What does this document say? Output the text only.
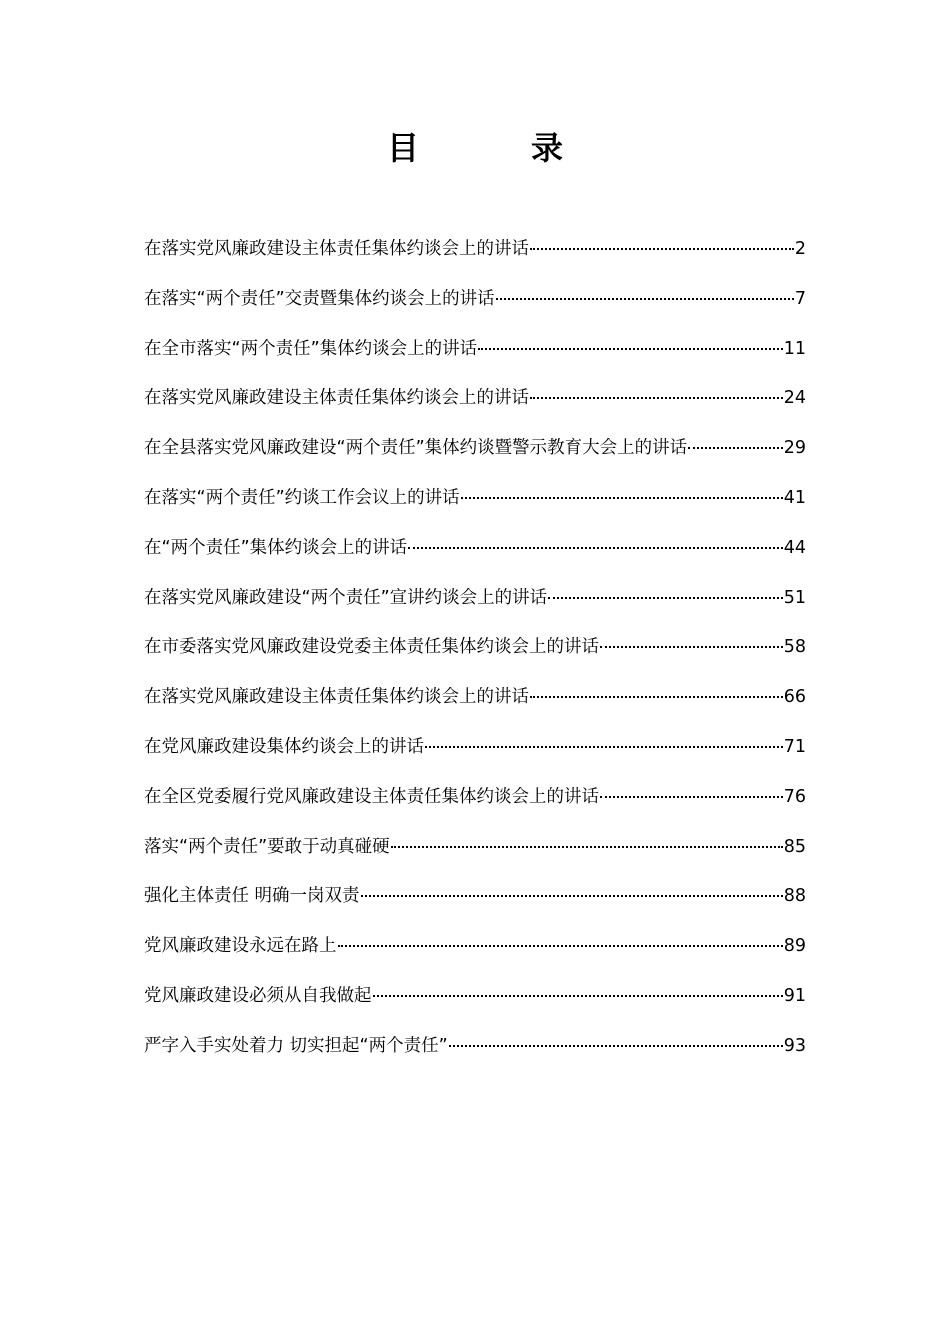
目　录
在落实党风廉政建设主体责任集体约谈会上的讲话	2
在落实“两个责任”交责暨集体约谈会上的讲话	7
在全市落实“两个责任”集体约谈会上的讲话	11
在落实党风廉政建设主体责任集体约谈会上的讲话	24
在全县落实党风廉政建设“两个责任”集体约谈暨警示教育大会上的讲话	29
在落实“两个责任”约谈工作会议上的讲话	41
在“两个责任”集体约谈会上的讲话	44
在落实党风廉政建设“两个责任”宣讲约谈会上的讲话	51
在市委落实党风廉政建设党委主体责任集体约谈会上的讲话	58
在落实党风廉政建设主体责任集体约谈会上的讲话	66
在党风廉政建设集体约谈会上的讲话	71
在全区党委履行党风廉政建设主体责任集体约谈会上的讲话	76
落实“两个责任”要敢于动真碰硬	85
强化主体责任 明确一岗双责	88
党风廉政建设永远在路上	89
党风廉政建设必须从自我做起	91
严字入手实处着力 切实担起“两个责任”	93
